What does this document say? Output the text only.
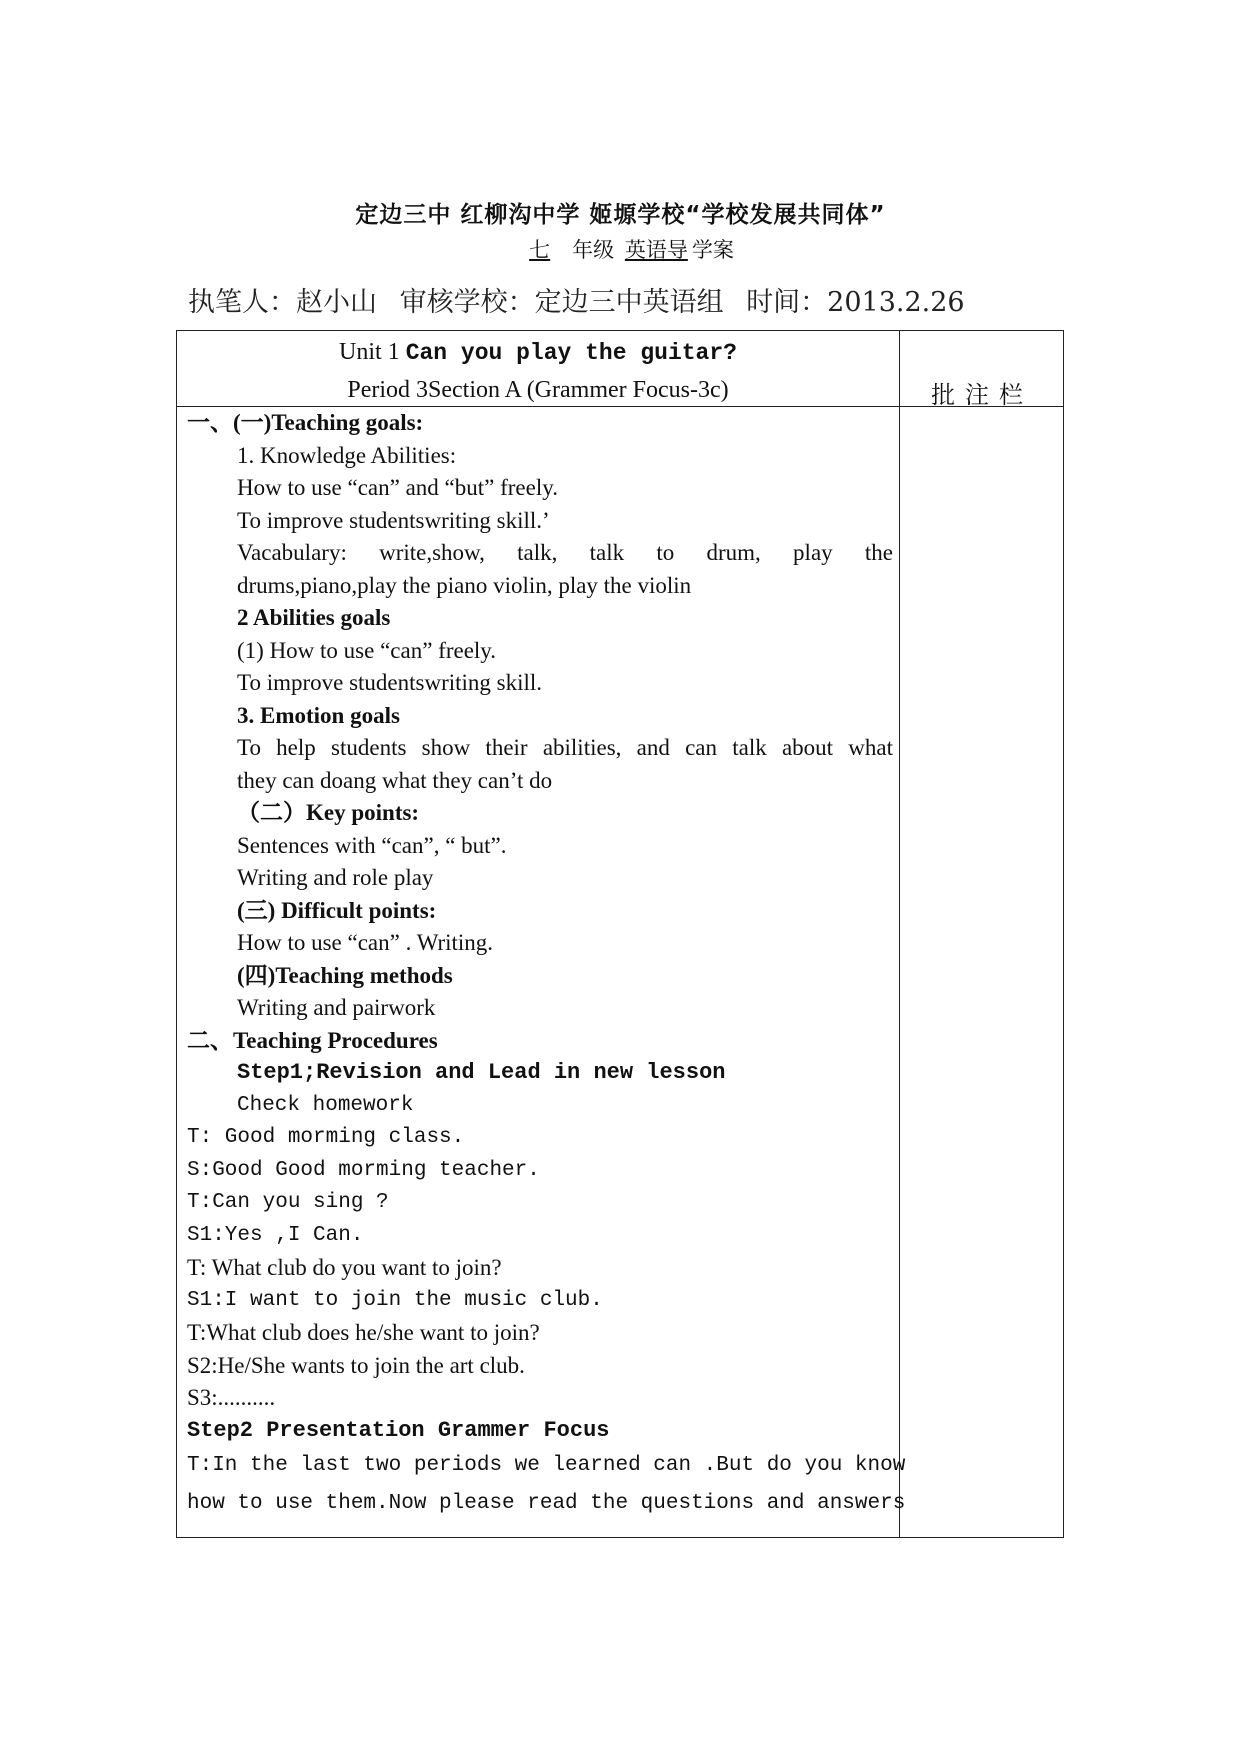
定边三中 红柳沟中学 姬塬学校“学校发展共同体”
七 年级 英语导 学案
执笔人：赵小山 审核学校：定边三中英语组 时间：2013.2.26
Unit 1 Can you play the guitar?
Period 3Section A (Grammer Focus-3c)	批注栏
一、(一)Teaching goals:
1. Knowledge Abilities:
How to use “can” and “but” freely.
To improve studentswriting skill.’
Vacabulary: write,show, talk, talk to drum, play the
drums,piano,play the piano violin, play the violin
2 Abilities goals
(1) How to use “can” freely.
To improve studentswriting skill.
3. Emotion goals
To help students show their abilities, and can talk about what
they can doang what they can’t do
（二）Key points:
Sentences with “can”, “ but”.
Writing and role play
(三) Difficult points:
How to use “can” . Writing.
(四)Teaching methods
Writing and pairwork
二、Teaching Procedures
Step1;Revision and Lead in new lesson
Check homework
T: Good morming class.
S:Good Good morming teacher.
T:Can you sing ?
S1:Yes ,I Can.
T: What club do you want to join?
S1:I want to join the music club.
T:What club does he/she want to join?
S2:He/She wants to join the art club.
S3:..........
Step2 Presentation Grammer Focus
T:In the last two periods we learned can .But do you know
how to use them.Now please read the questions and answers
